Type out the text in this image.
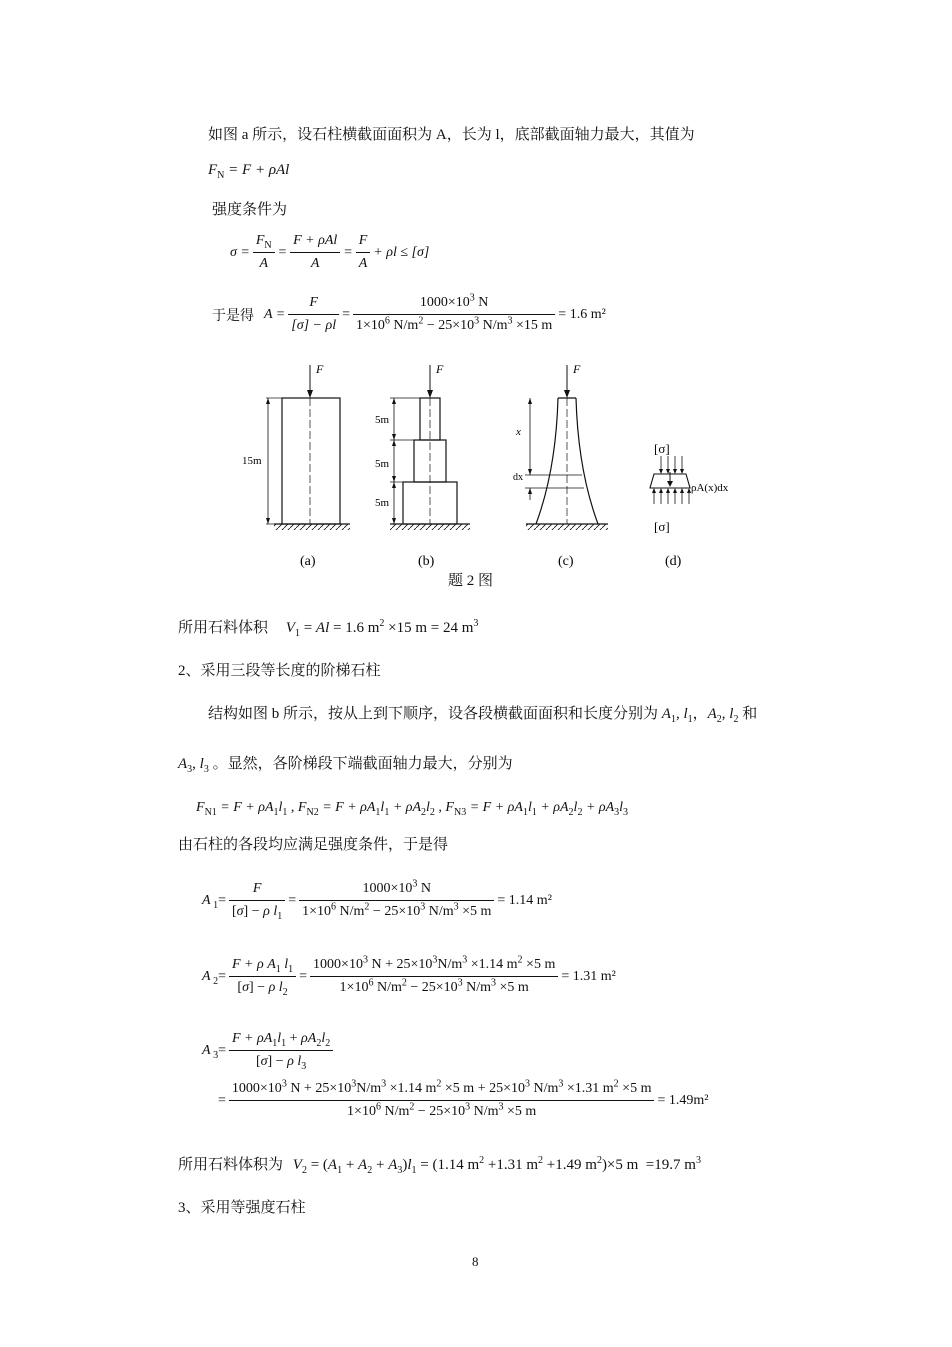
如图 a 所示，设石柱横截面面积为 A，长为 l，底部截面轴力最大，其值为
$F_N = F + \rho Al$
强度条件为
$\sigma = \frac{F_N}{A} = \frac{\text{F + ρAl}}{A} = \frac{F}{A} + \rho l \le [\sigma]$
于是得 $A = \frac{F}{[\sigma] - \rho l} = \frac{1000\times 10^3 N}{1\times 10^6 N/m^2 - 25\times 10^3 N/m^3 \times 15 m} = 1.6$ m²
F
15m
F
5m
5m
5m
F
x
dx
[σ]
ρA(x)dx
[σ]
(a)	(b)	(c)	(d)
题 2 图
所用石料体积 $V_1 = Al = 1.6$ $m^2 \times 15$ m = 24 $m^3$
2、采用三段等长度的阶梯石柱
结构如图 b 所示，按从上到下顺序，设各段横截面面积和长度分别为 $A_1$, $l_1$，$A_2$, $l_2$ 和
$A_3$, $l_3$ 。显然，各阶梯段下端截面轴力最大，分别为
$F_{N1} = F + \rho A_1l_1$ , $F_{N2} = F + \rho A_1l_1 + \rho A_2l_2$ , $F_{N3} = F + \rho A_1l_1 + \rho A_2l_2 + \rho A_3l_3$
由石柱的各段均应满足强度条件，于是得
A $_1= \frac{F}{[\sigma] - \rho l_1} = \frac{1000\times 10^3 N}{1\times 10^6 N/m^2 - 25\times 10^3 N/m^3 \times 5 m} = 1.14$ m²
A $_2= \frac{F + \rho A_1 l_1}{[\sigma] - \rho l_2} = \frac{1000\times 10^3 N + 25\times 10^3N/m^3 \times 1.14 m^2 \times 5 m}{1\times 10^6 N/m^2 - 25\times 10^3 N/m^3 \times 5 m} = 1.31$ m²
A $_3= \frac{F + \rho A_1l_1 + \rho A_2l_2}{[\sigma] - \rho l_3}$
=
$1000\times 10^3$ $N + 25\times 10^3N/m^3 \times 1.14$ $m^2 \times 5$ $m + 25\times 10^3$ $N/m^3 \times 1.31$ $m^2 \times 5$ m
$1\times 10^6$ $N/m^2 - 25\times 10^3$ $N/m^3 \times 5$ m
= 1.49m²
所用石料体积为 $V_2 = (A_1 + A_2 + A_3)l_1 = (1.14$ $m^2 +1.31$ $m^2 +1.49$ $m^2)\times 5$ m  =19.7 $m^3$
3、采用等强度石柱
8
